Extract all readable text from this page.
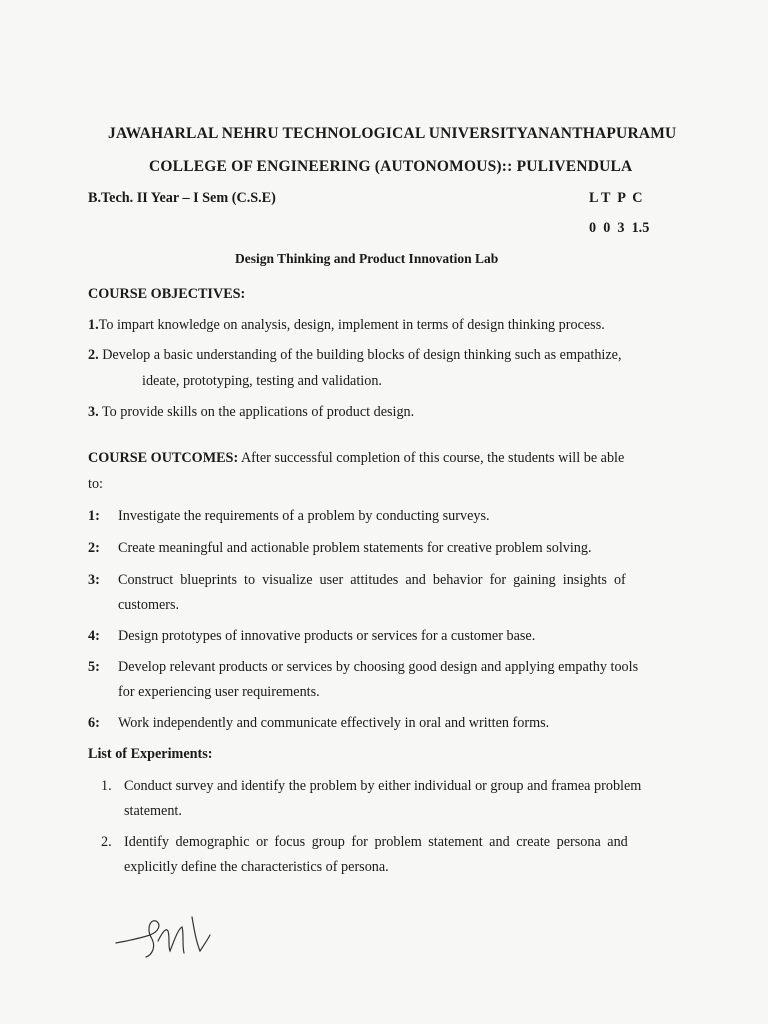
JAWAHARLAL NEHRU TECHNOLOGICAL UNIVERSITYANANTHAPURAMU
COLLEGE OF ENGINEERING (AUTONOMOUS):: PULIVENDULA
B.Tech. II Year – I Sem (C.S.E)	L T  P  C
0  0  3  1.5
Design Thinking and Product Innovation Lab
COURSE OBJECTIVES:
1.To impart knowledge on analysis, design, implement in terms of design thinking process.
2. Develop a basic understanding of the building blocks of design thinking such as empathize,
ideate, prototyping, testing and validation.
3. To provide skills on the applications of product design.
COURSE OUTCOMES: After successful completion of this course, the students will be able
to:
1: Investigate the requirements of a problem by conducting surveys.
2: Create meaningful and actionable problem statements for creative problem solving.
3: Construct blueprints to visualize user attitudes and behavior for gaining insights of
customers.
4: Design prototypes of innovative products or services for a customer base.
5: Develop relevant products or services by choosing good design and applying empathy tools
for experiencing user requirements.
6: Work independently and communicate effectively in oral and written forms.
List of Experiments:
1. Conduct survey and identify the problem by either individual or group and framea problem
statement.
2. Identify demographic or focus group for problem statement and create persona and
explicitly define the characteristics of persona.
